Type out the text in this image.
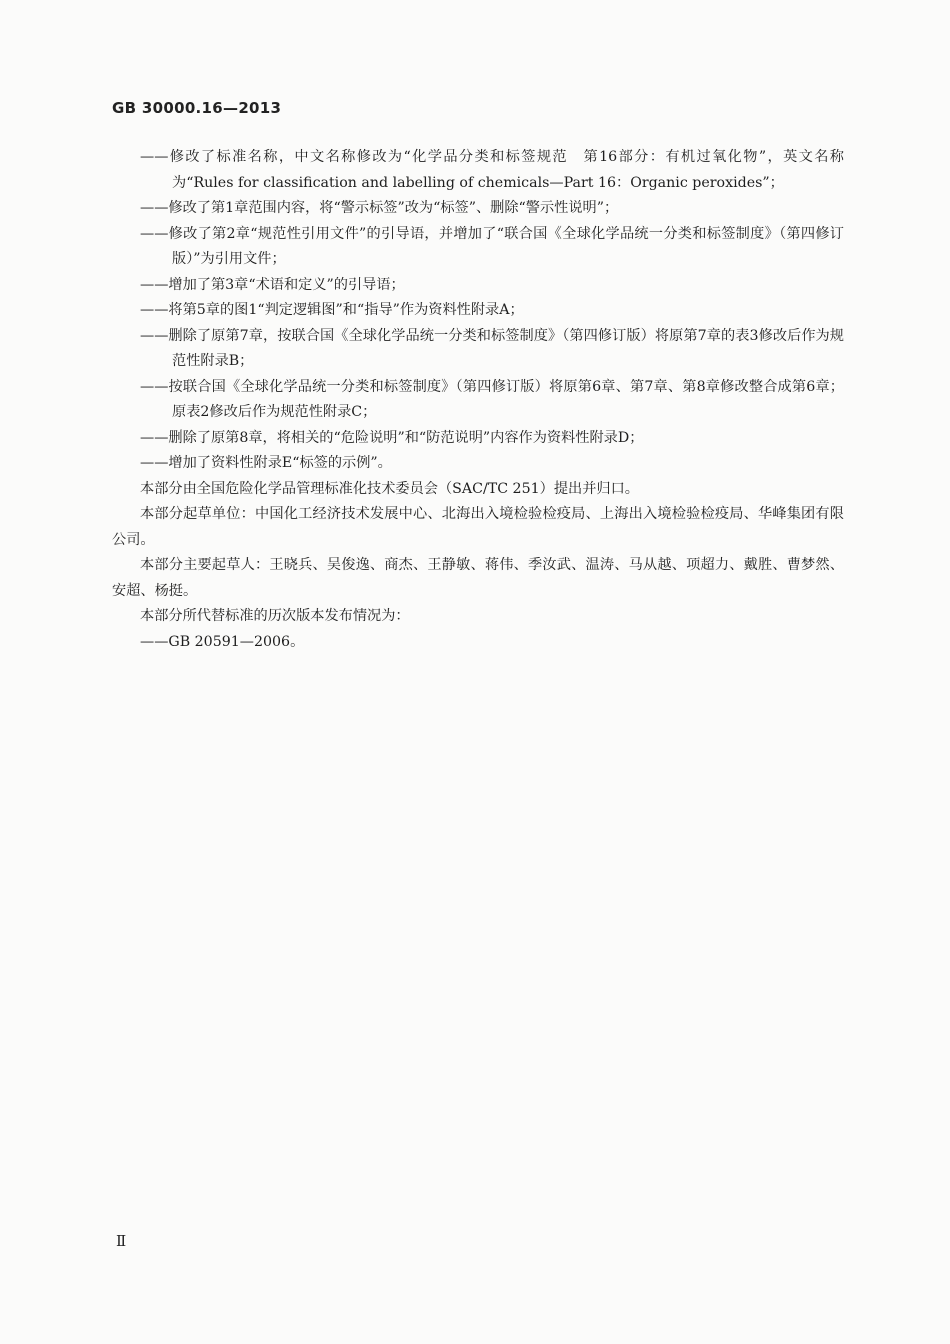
GB 30000.16—2013

——修改了标准名称，中文名称修改为“化学品分类和标签规范　第16部分：有机过氧化物”，英文名称为“Rules for classification and labelling of chemicals—Part 16：Organic peroxides”；

——修改了第1章范围内容，将“警示标签”改为“标签”、删除“警示性说明”；

——修改了第2章“规范性引用文件”的引导语，并增加了“联合国《全球化学品统一分类和标签制度》（第四修订版）”为引用文件；

——增加了第3章“术语和定义”的引导语；

——将第5章的图1“判定逻辑图”和“指导”作为资料性附录A；

——删除了原第7章，按联合国《全球化学品统一分类和标签制度》（第四修订版）将原第7章的表3修改后作为规范性附录B；

——按联合国《全球化学品统一分类和标签制度》（第四修订版）将原第6章、第7章、第8章修改整合成第6章；原表2修改后作为规范性附录C；

——删除了原第8章，将相关的“危险说明”和“防范说明”内容作为资料性附录D；

——增加了资料性附录E“标签的示例”。

本部分由全国危险化学品管理标准化技术委员会（SAC/TC 251）提出并归口。

本部分起草单位：中国化工经济技术发展中心、北海出入境检验检疫局、上海出入境检验检疫局、华峰集团有限公司。

本部分主要起草人：王晓兵、吴俊逸、商杰、王静敏、蒋伟、季汝武、温涛、马从越、项超力、戴胜、曹梦然、安超、杨挺。

本部分所代替标准的历次版本发布情况为：

——GB 20591—2006。

Ⅱ
